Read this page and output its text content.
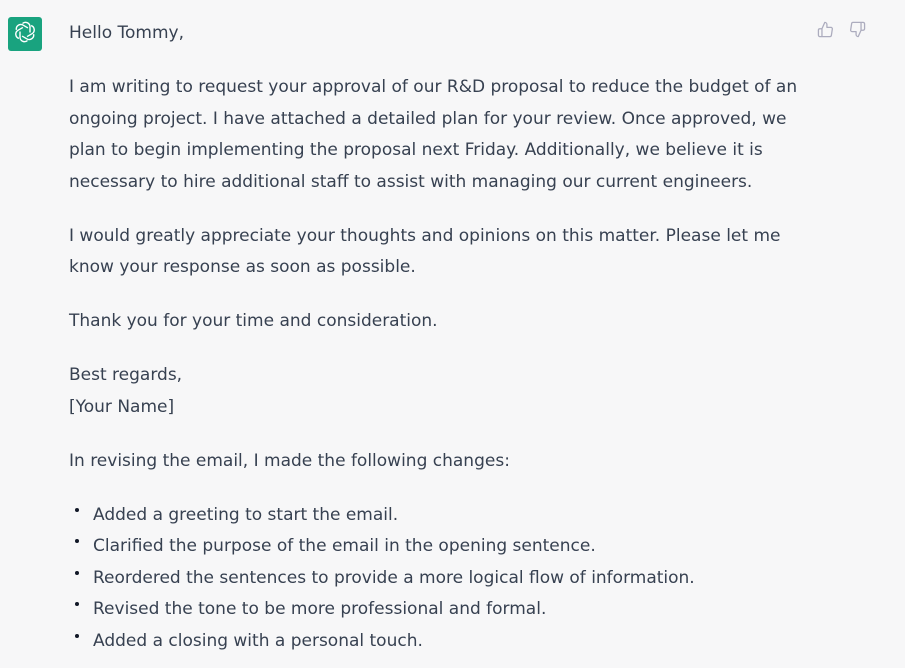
Hello Tommy,

I am writing to request your approval of our R&D proposal to reduce the budget of an ongoing project. I have attached a detailed plan for your review. Once approved, we plan to begin implementing the proposal next Friday. Additionally, we believe it is necessary to hire additional staff to assist with managing our current engineers.

I would greatly appreciate your thoughts and opinions on this matter. Please let me know your response as soon as possible.

Thank you for your time and consideration.

Best regards,

[Your Name]

In revising the email, I made the following changes:

Added a greeting to start the email.
Clarified the purpose of the email in the opening sentence.
Reordered the sentences to provide a more logical flow of information.
Revised the tone to be more professional and formal.
Added a closing with a personal touch.
